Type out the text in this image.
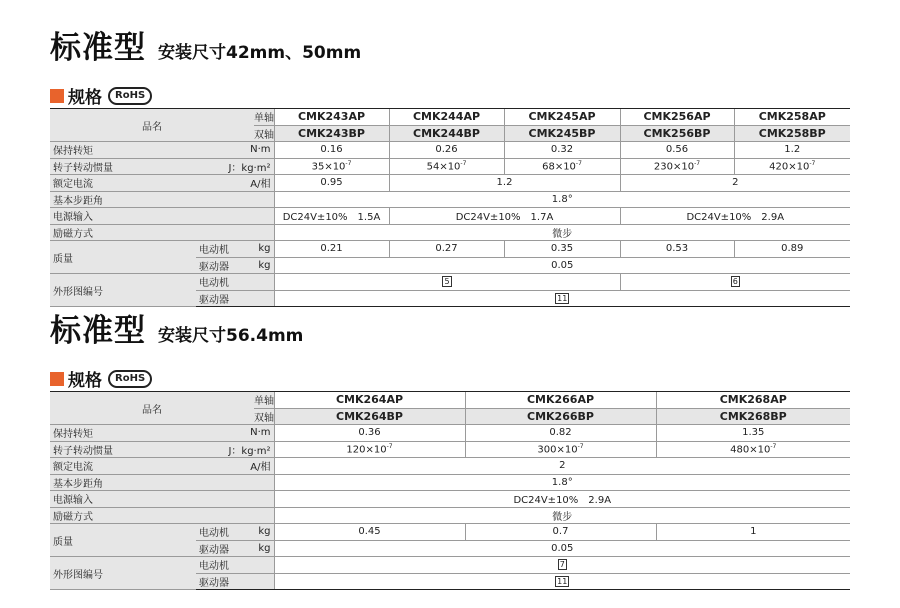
标准型 安装尺寸42mm、50mm
规格	RoHS
品名		单轴	CMK243AP	CMK244AP	CMK245AP	CMK256AP	CMK258AP
		双轴	CMK243BP	CMK244BP	CMK245BP	CMK256BP	CMK258BP
保持转矩	N·m		0.16	0.26	0.32	0.56	1.2
转子转动惯量	J：kg·m²		$35\times 10^{-7}$	$54\times 10^{-7}$	$68\times 10^{-7}$	$230\times 10^{-7}$	$420\times 10^{-7}$
额定电流	A/相		0.95	1.2		2	
基本步距角			1.8°				
电源输入			DC24V±10%　1.5A	DC24V±10%　1.7A		DC24V±10%　2.9A	
励磁方式			微步				
质量	电动机	kg	0.21	0.27	0.35	0.53	0.89
	驱动器	kg	0.05				
外形图编号	电动机		5			6	
	驱动器		11				
标准型 安装尺寸56.4mm
规格	RoHS
品名		单轴	CMK264AP	CMK266AP	CMK268AP
		双轴	CMK264BP	CMK266BP	CMK268BP
保持转矩	N·m		0.36	0.82	1.35
转子转动惯量	J：kg·m²		$120\times 10^{-7}$	$300\times 10^{-7}$	$480\times 10^{-7}$
额定电流	A/相		2		
基本步距角			1.8°		
电源输入			DC24V±10%　2.9A		
励磁方式			微步		
质量	电动机	kg	0.45	0.7	1
	驱动器	kg	0.05		
外形图编号	电动机		7		
	驱动器		11		
